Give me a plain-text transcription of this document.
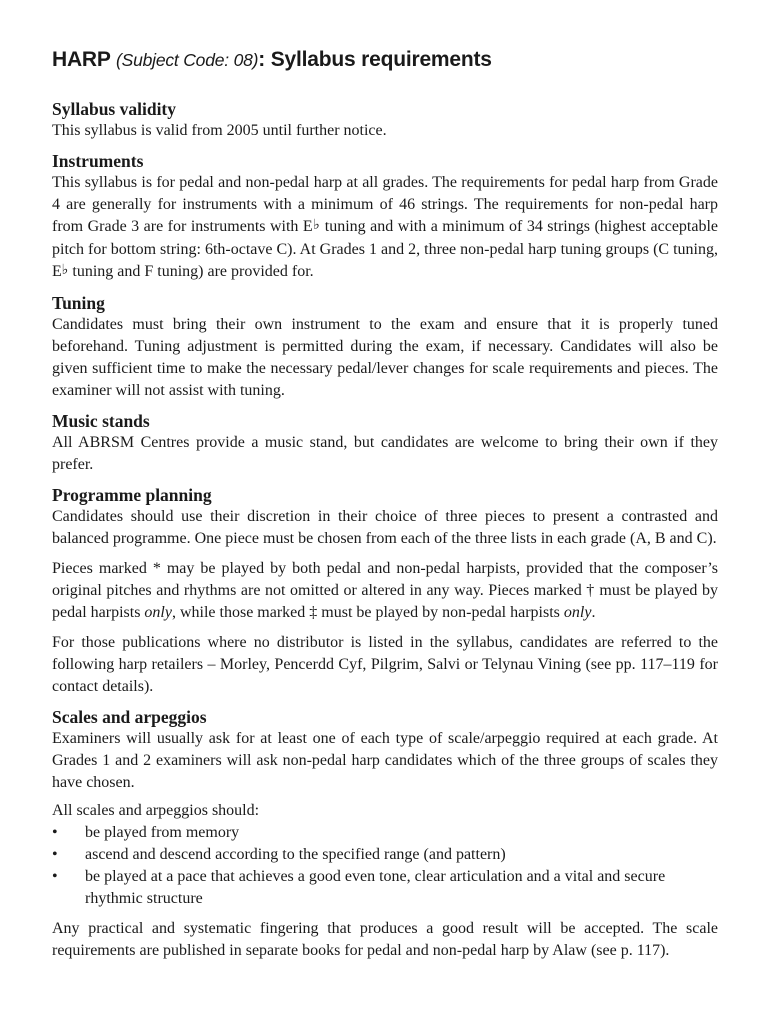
HARP (Subject Code: 08): Syllabus requirements
Syllabus validity

This syllabus is valid from 2005 until further notice.

Instruments

This syllabus is for pedal and non-pedal harp at all grades. The requirements for pedal harp from Grade 4 are generally for instruments with a minimum of 46 strings. The requirements for non-pedal harp from Grade 3 are for instruments with E♭ tuning and with a minimum of 34 strings (highest acceptable pitch for bottom string: 6th-octave C). At Grades 1 and 2, three non-pedal harp tuning groups (C tuning, E♭ tuning and F tuning) are provided for.

Tuning

Candidates must bring their own instrument to the exam and ensure that it is properly tuned beforehand. Tuning adjustment is permitted during the exam, if necessary. Candidates will also be given sufficient time to make the necessary pedal/lever changes for scale requirements and pieces. The examiner will not assist with tuning.

Music stands

All ABRSM Centres provide a music stand, but candidates are welcome to bring their own if they prefer.

Programme planning

Candidates should use their discretion in their choice of three pieces to present a contrasted and balanced programme. One piece must be chosen from each of the three lists in each grade (A, B and C).

Pieces marked * may be played by both pedal and non-pedal harpists, provided that the composer’s original pitches and rhythms are not omitted or altered in any way. Pieces marked † must be played by pedal harpists only, while those marked ‡ must be played by non-pedal harpists only.

For those publications where no distributor is listed in the syllabus, candidates are referred to the following harp retailers – Morley, Pencerdd Cyf, Pilgrim, Salvi or Telynau Vining (see pp. 117–119 for contact details).

Scales and arpeggios

Examiners will usually ask for at least one of each type of scale/arpeggio required at each grade. At Grades 1 and 2 examiners will ask non-pedal harp candidates which of the three groups of scales they have chosen.

All scales and arpeggios should:

• be played from memory
• ascend and descend according to the specified range (and pattern)
• be played at a pace that achieves a good even tone, clear articulation and a vital and secure rhythmic structure

Any practical and systematic fingering that produces a good result will be accepted. The scale requirements are published in separate books for pedal and non-pedal harp by Alaw (see p. 117).
